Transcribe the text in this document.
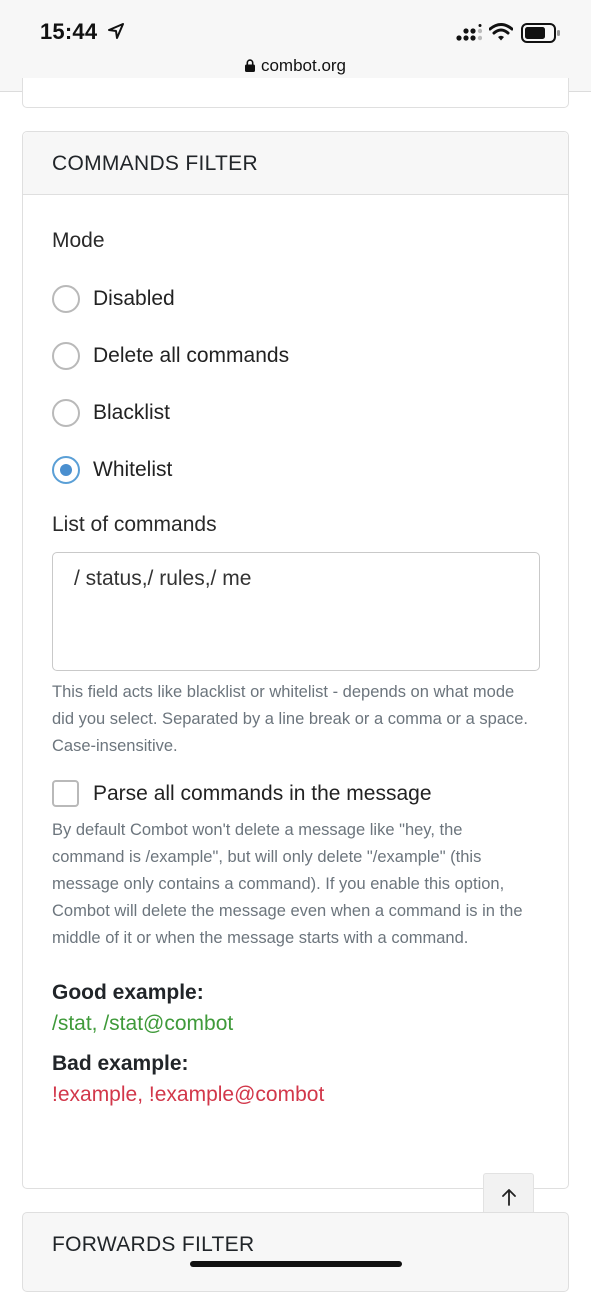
15:44
combot.org
COMMANDS FILTER
Mode
Disabled
Delete all commands
Blacklist
Whitelist
List of commands
/ status,/ rules,/ me
This field acts like blacklist or whitelist - depends on what mode did you select. Separated by a line break or a comma or a space. Case-insensitive.
Parse all commands in the message
By default Combot won't delete a message like "hey, the command is /example", but will only delete "/example" (this message only contains a command). If you enable this option, Combot will delete the message even when a command is in the middle of it or when the message starts with a command.
Good example:
/stat, /stat@combot
Bad example:
!example, !example@combot
FORWARDS FILTER
